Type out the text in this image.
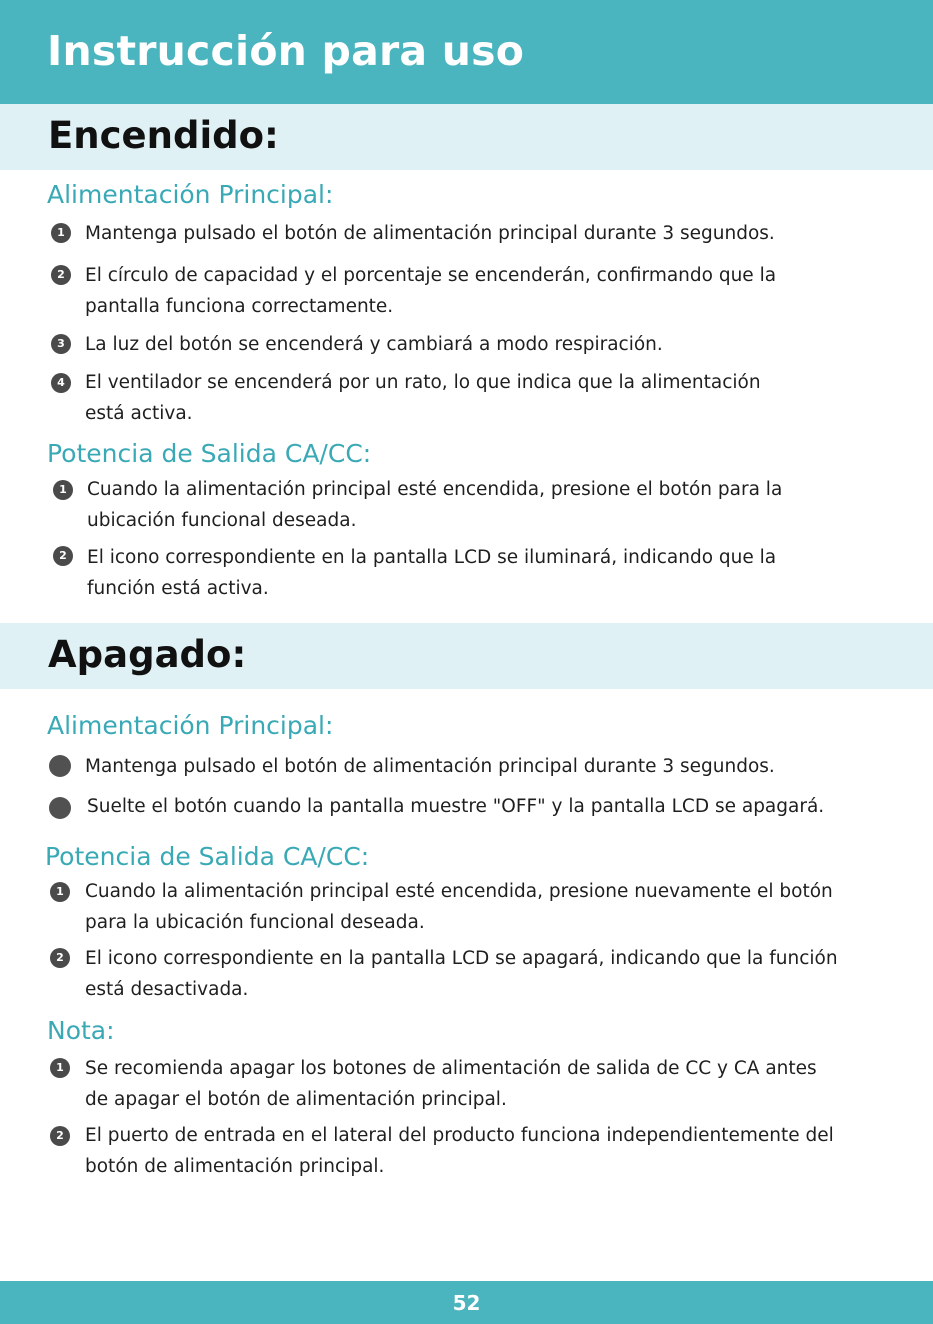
Instrucción para uso
Encendido:
Alimentación Principal:
1	Mantenga pulsado el botón de alimentación principal durante 3 segundos.

2	El círculo de capacidad y el porcentaje se encenderán, confirmando que la
pantalla funciona correctamente.

3	La luz del botón se encenderá y cambiará a modo respiración.

4	El ventilador se encenderá por un rato, lo que indica que la alimentación
está activa.

Potencia de Salida CA/CC:
1	Cuando la alimentación principal esté encendida, presione el botón para la
ubicación funcional deseada.

2	El icono correspondiente en la pantalla LCD se iluminará, indicando que la
función está activa.

Apagado:
Alimentación Principal:

Mantenga pulsado el botón de alimentación principal durante 3 segundos.

Suelte el botón cuando la pantalla muestre "OFF" y la pantalla LCD se apagará.

Potencia de Salida CA/CC:
1	Cuando la alimentación principal esté encendida, presione nuevamente el botón
para la ubicación funcional deseada.

2	El icono correspondiente en la pantalla LCD se apagará, indicando que la función
está desactivada.

Nota:
1	Se recomienda apagar los botones de alimentación de salida de CC y CA antes
de apagar el botón de alimentación principal.

2	El puerto de entrada en el lateral del producto funciona independientemente del
botón de alimentación principal.

52
